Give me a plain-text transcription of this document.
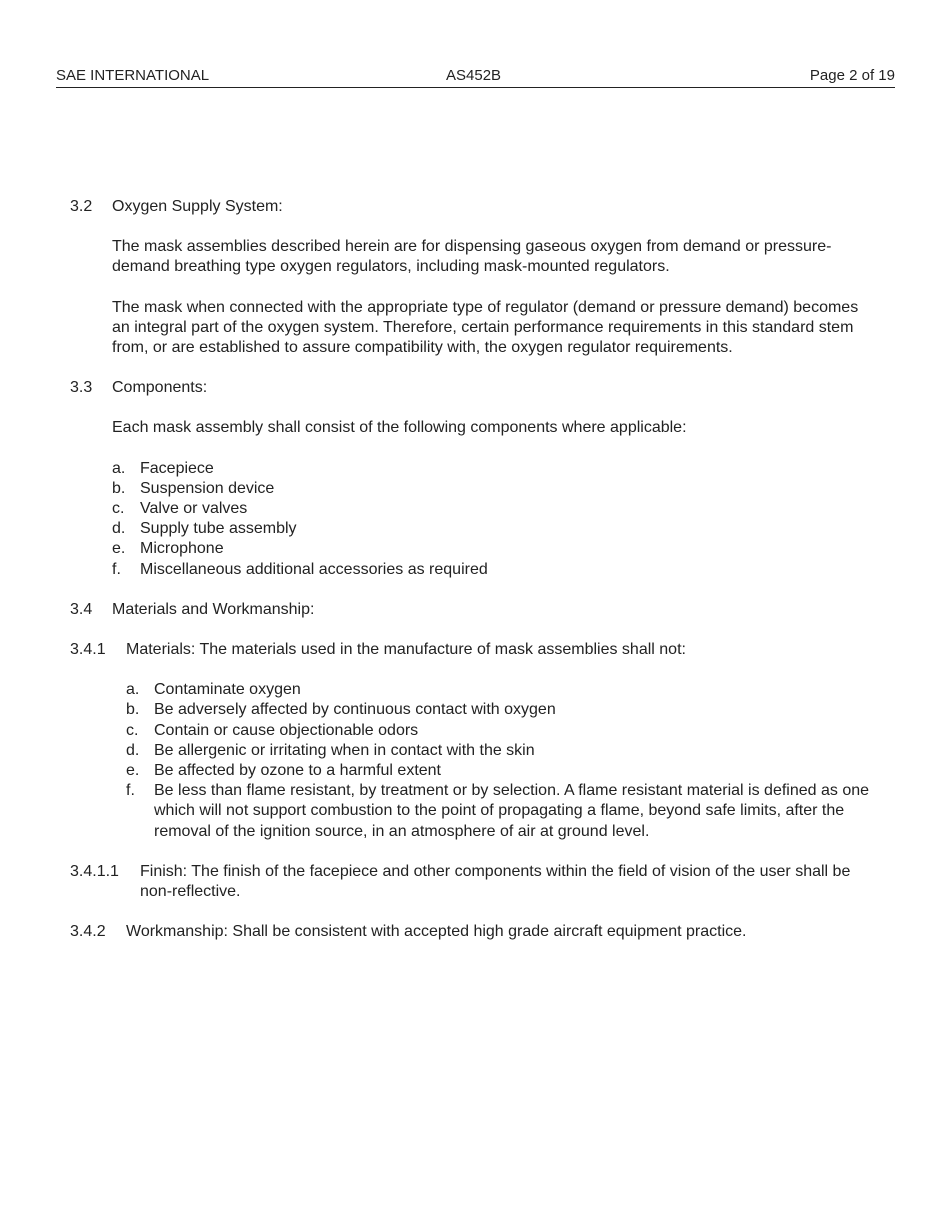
SAE INTERNATIONAL	AS452B	Page 2 of 19
3.2	Oxygen Supply System:
The mask assemblies described herein are for dispensing gaseous oxygen from demand or pressure-demand breathing type oxygen regulators, including mask-mounted regulators.
The mask when connected with the appropriate type of regulator (demand or pressure demand) becomes an integral part of the oxygen system. Therefore, certain performance requirements in this standard stem from, or are established to assure compatibility with, the oxygen regulator requirements.
3.3	Components:
Each mask assembly shall consist of the following components where applicable:
a. Facepiece
b. Suspension device
c. Valve or valves
d. Supply tube assembly
e. Microphone
f.	Miscellaneous additional accessories as required
3.4	Materials and Workmanship:
3.4.1	Materials: The materials used in the manufacture of mask assemblies shall not:
a. Contaminate oxygen
b. Be adversely affected by continuous contact with oxygen
c. Contain or cause objectionable odors
d. Be allergenic or irritating when in contact with the skin
e. Be affected by ozone to a harmful extent
f.	Be less than flame resistant, by treatment or by selection. A flame resistant material is defined as one which will not support combustion to the point of propagating a flame, beyond safe limits, after the removal of the ignition source, in an atmosphere of air at ground level.
3.4.1.1	Finish: The finish of the facepiece and other components within the field of vision of the user shall be non-reflective.
3.4.2	Workmanship: Shall be consistent with accepted high grade aircraft equipment practice.
